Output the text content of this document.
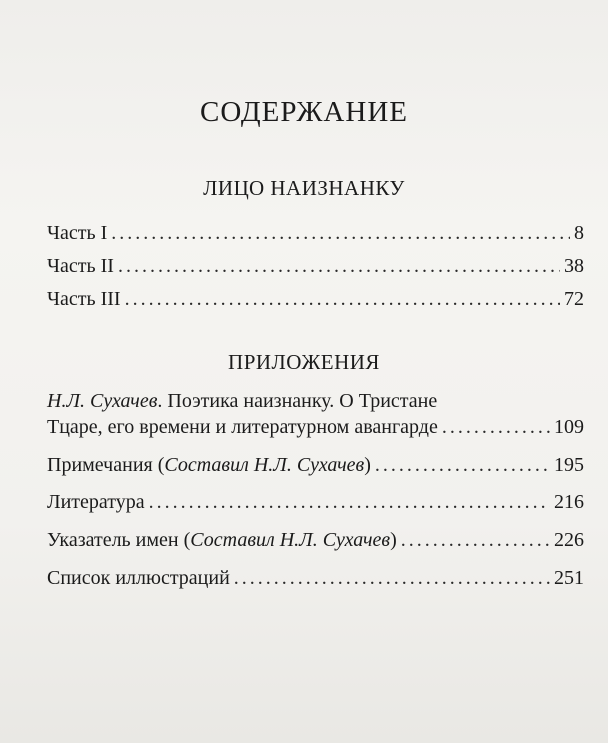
СОДЕРЖАНИЕ
ЛИЦО НАИЗНАНКУ
Часть I . . .	8
Часть II . . .	38
Часть III . . .	72
ПРИЛОЖЕНИЯ
Н.Л. Сухачев. Поэтика наизнанку. О Тристане
Тцаре, его времени и литературном авангарде . . .	109
Примечания (Составил Н.Л. Сухачев) . . .	195
Литература . . .	216
Указатель имен (Составил Н.Л. Сухачев) . . .	226
Список иллюстраций . . .	251
